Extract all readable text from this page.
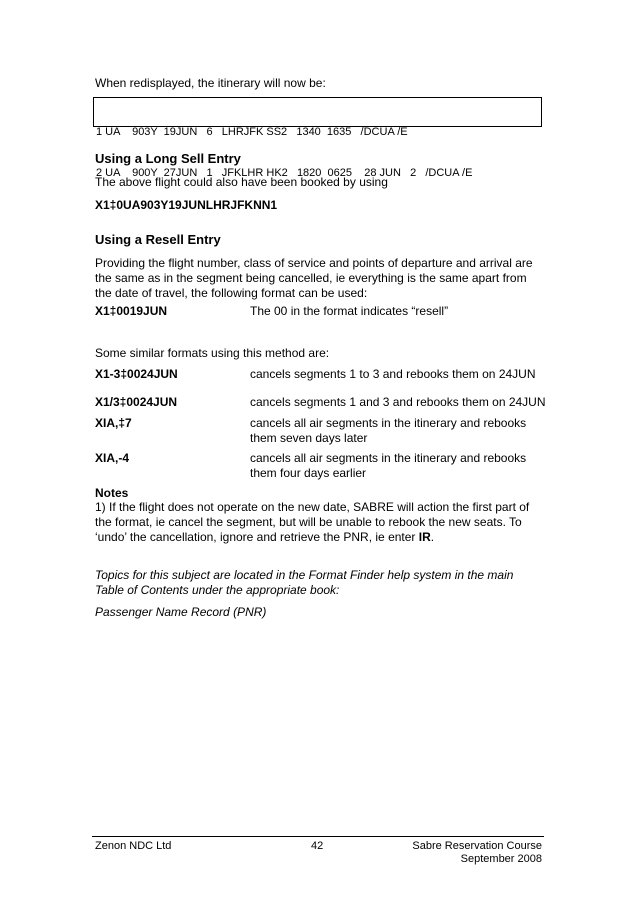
When redisplayed, the itinerary will now be:

1 UA    903Y  19JUN   6   LHRJFK SS2   1340  1635   /DCUA /E

2 UA    900Y  27JUN   1   JFKLHR HK2   1820  0625    28 JUN   2   /DCUA /E

Using a Long Sell Entry

The above flight could also have been booked by using

X1‡0UA903Y19JUNLHRJFKNN1

Using a Resell Entry

Providing the flight number, class of service and points of departure and arrival are the same as in the segment being cancelled, ie everything is the same apart from the date of travel, the following format can be used:

X1‡0019JUN	The 00 in the format indicates “resell”

Some similar formats using this method are:

X1-3‡0024JUN	cancels segments 1 to 3 and rebooks them on 24JUN

X1/3‡0024JUN	cancels segments 1 and 3 and rebooks them on 24JUN

XIA,‡7	cancels all air segments in the itinerary and rebooks them seven days later

XIA,-4	cancels all air segments in the itinerary and rebooks them four days earlier

Notes

1) If the flight does not operate on the new date, SABRE will action the first part of the format, ie cancel the segment, but will be unable to rebook the new seats. To ‘undo’ the cancellation, ignore and retrieve the PNR, ie enter IR.

Topics for this subject are located in the Format Finder help system in the main Table of Contents under the appropriate book:

Passenger Name Record (PNR)

Zenon NDC Ltd	42	Sabre Reservation Course
September 2008
